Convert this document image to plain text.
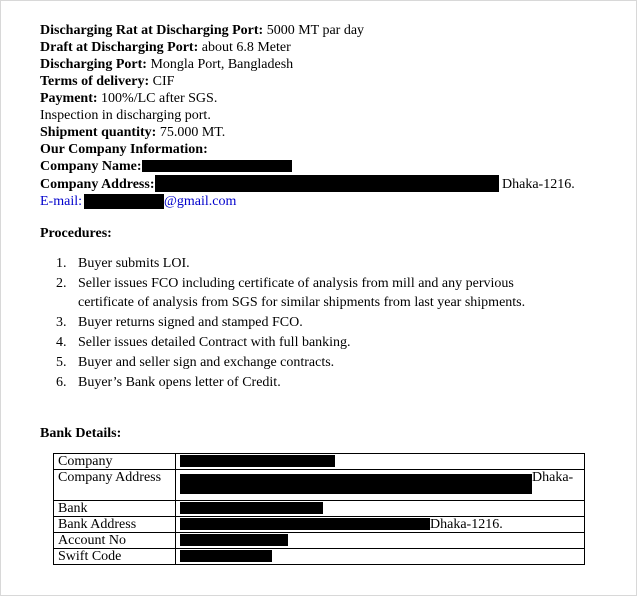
Discharging Rat at Discharging Port: 5000 MT par day
Draft at Discharging Port: about 6.8 Meter
Discharging Port: Mongla Port, Bangladesh
Terms of delivery: CIF
Payment: 100%/LC after SGS.
Inspection in discharging port.
Shipment quantity: 75.000 MT.
Our Company Information:
Company Name:
Company Address:	Dhaka-1216.
E-mail:	@gmail.com
Procedures:
1. Buyer submits LOI.
2. Seller issues FCO including certificate of analysis from mill and any pervious
certificate of analysis from SGS for similar shipments from last year shipments.
3. Buyer returns signed and stamped FCO.
4. Seller issues detailed Contract with full banking.
5. Buyer and seller sign and exchange contracts.
6. Buyer’s Bank opens letter of Credit.
Bank Details:
Company	
Company Address	Dhaka-

Bank	
Bank Address	Dhaka-1216.
Account No	
Swift Code	
